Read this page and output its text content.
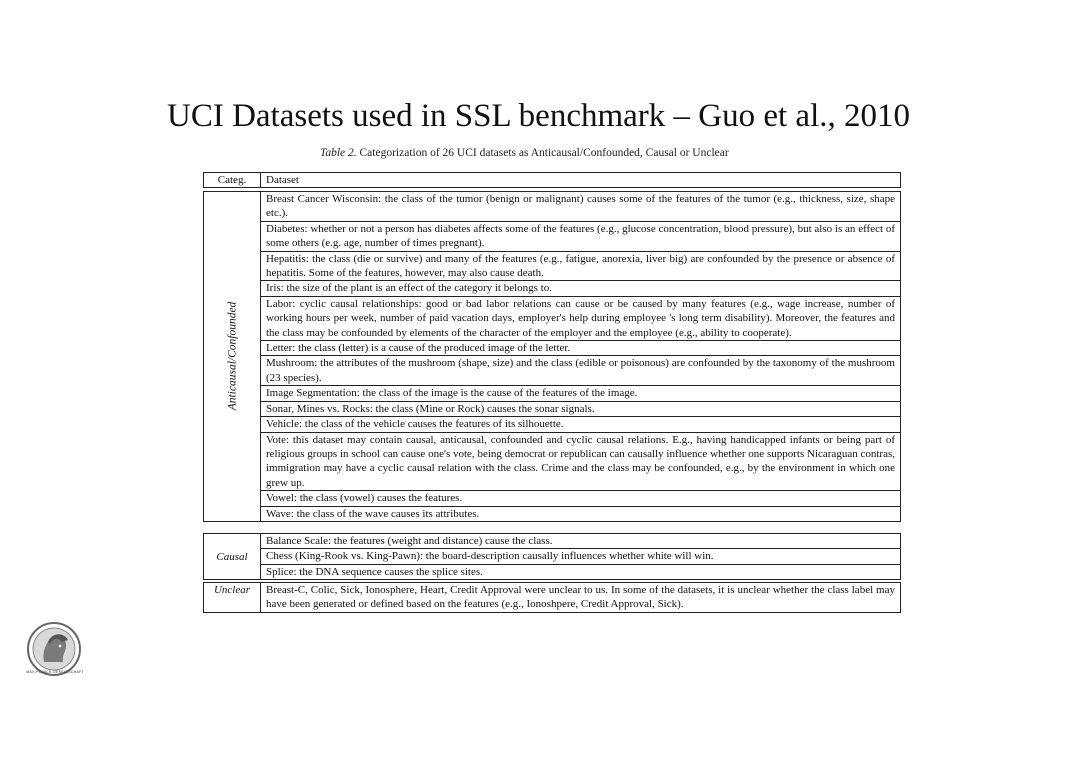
UCI Datasets used in SSL benchmark – Guo et al., 2010

Table 2. Categorization of 26 UCI datasets as Anticausal/Confounded, Causal or Unclear

Categ.	Dataset
Anticausal/Confounded
Breast Cancer Wisconsin: the class of the tumor (benign or malignant) causes some of the features of the tumor (e.g., thickness, size, shape etc.).
Diabetes: whether or not a person has diabetes affects some of the features (e.g., glucose concentration, blood pressure), but also is an effect of some others (e.g. age, number of times pregnant).
Hepatitis: the class (die or survive) and many of the features (e.g., fatigue, anorexia, liver big) are confounded by the presence or absence of hepatitis. Some of the features, however, may also cause death.
Iris: the size of the plant is an effect of the category it belongs to.
Labor: cyclic causal relationships: good or bad labor relations can cause or be caused by many features (e.g., wage increase, number of working hours per week, number of paid vacation days, employer's help during employee 's long term disability). Moreover, the features and the class may be confounded by elements of the character of the employer and the employee (e.g., ability to cooperate).
Letter: the class (letter) is a cause of the produced image of the letter.
Mushroom: the attributes of the mushroom (shape, size) and the class (edible or poisonous) are confounded by the taxonomy of the mushroom (23 species).
Image Segmentation: the class of the image is the cause of the features of the image.
Sonar, Mines vs. Rocks: the class (Mine or Rock) causes the sonar signals.
Vehicle: the class of the vehicle causes the features of its silhouette.
Vote: this dataset may contain causal, anticausal, confounded and cyclic causal relations. E.g., having handicapped infants or being part of religious groups in school can cause one's vote, being democrat or republican can causally influence whether one supports Nicaraguan contras, immigration may have a cyclic causal relation with the class. Crime and the class may be confounded, e.g., by the environment in which one grew up.
Vowel: the class (vowel) causes the features.
Wave: the class of the wave causes its attributes.
Causal
Balance Scale: the features (weight and distance) cause the class.
Chess (King-Rook vs. King-Pawn): the board-description causally influences whether white will win.
Splice: the DNA sequence causes the splice sites.
Unclear	Breast-C, Colic, Sick, Ionosphere, Heart, Credit Approval were unclear to us. In some of the datasets, it is unclear whether the class label may have been generated or defined based on the features (e.g., Ionoshpere, Credit Approval, Sick).
MAX-PLANCK-GESELLSCHAFT
